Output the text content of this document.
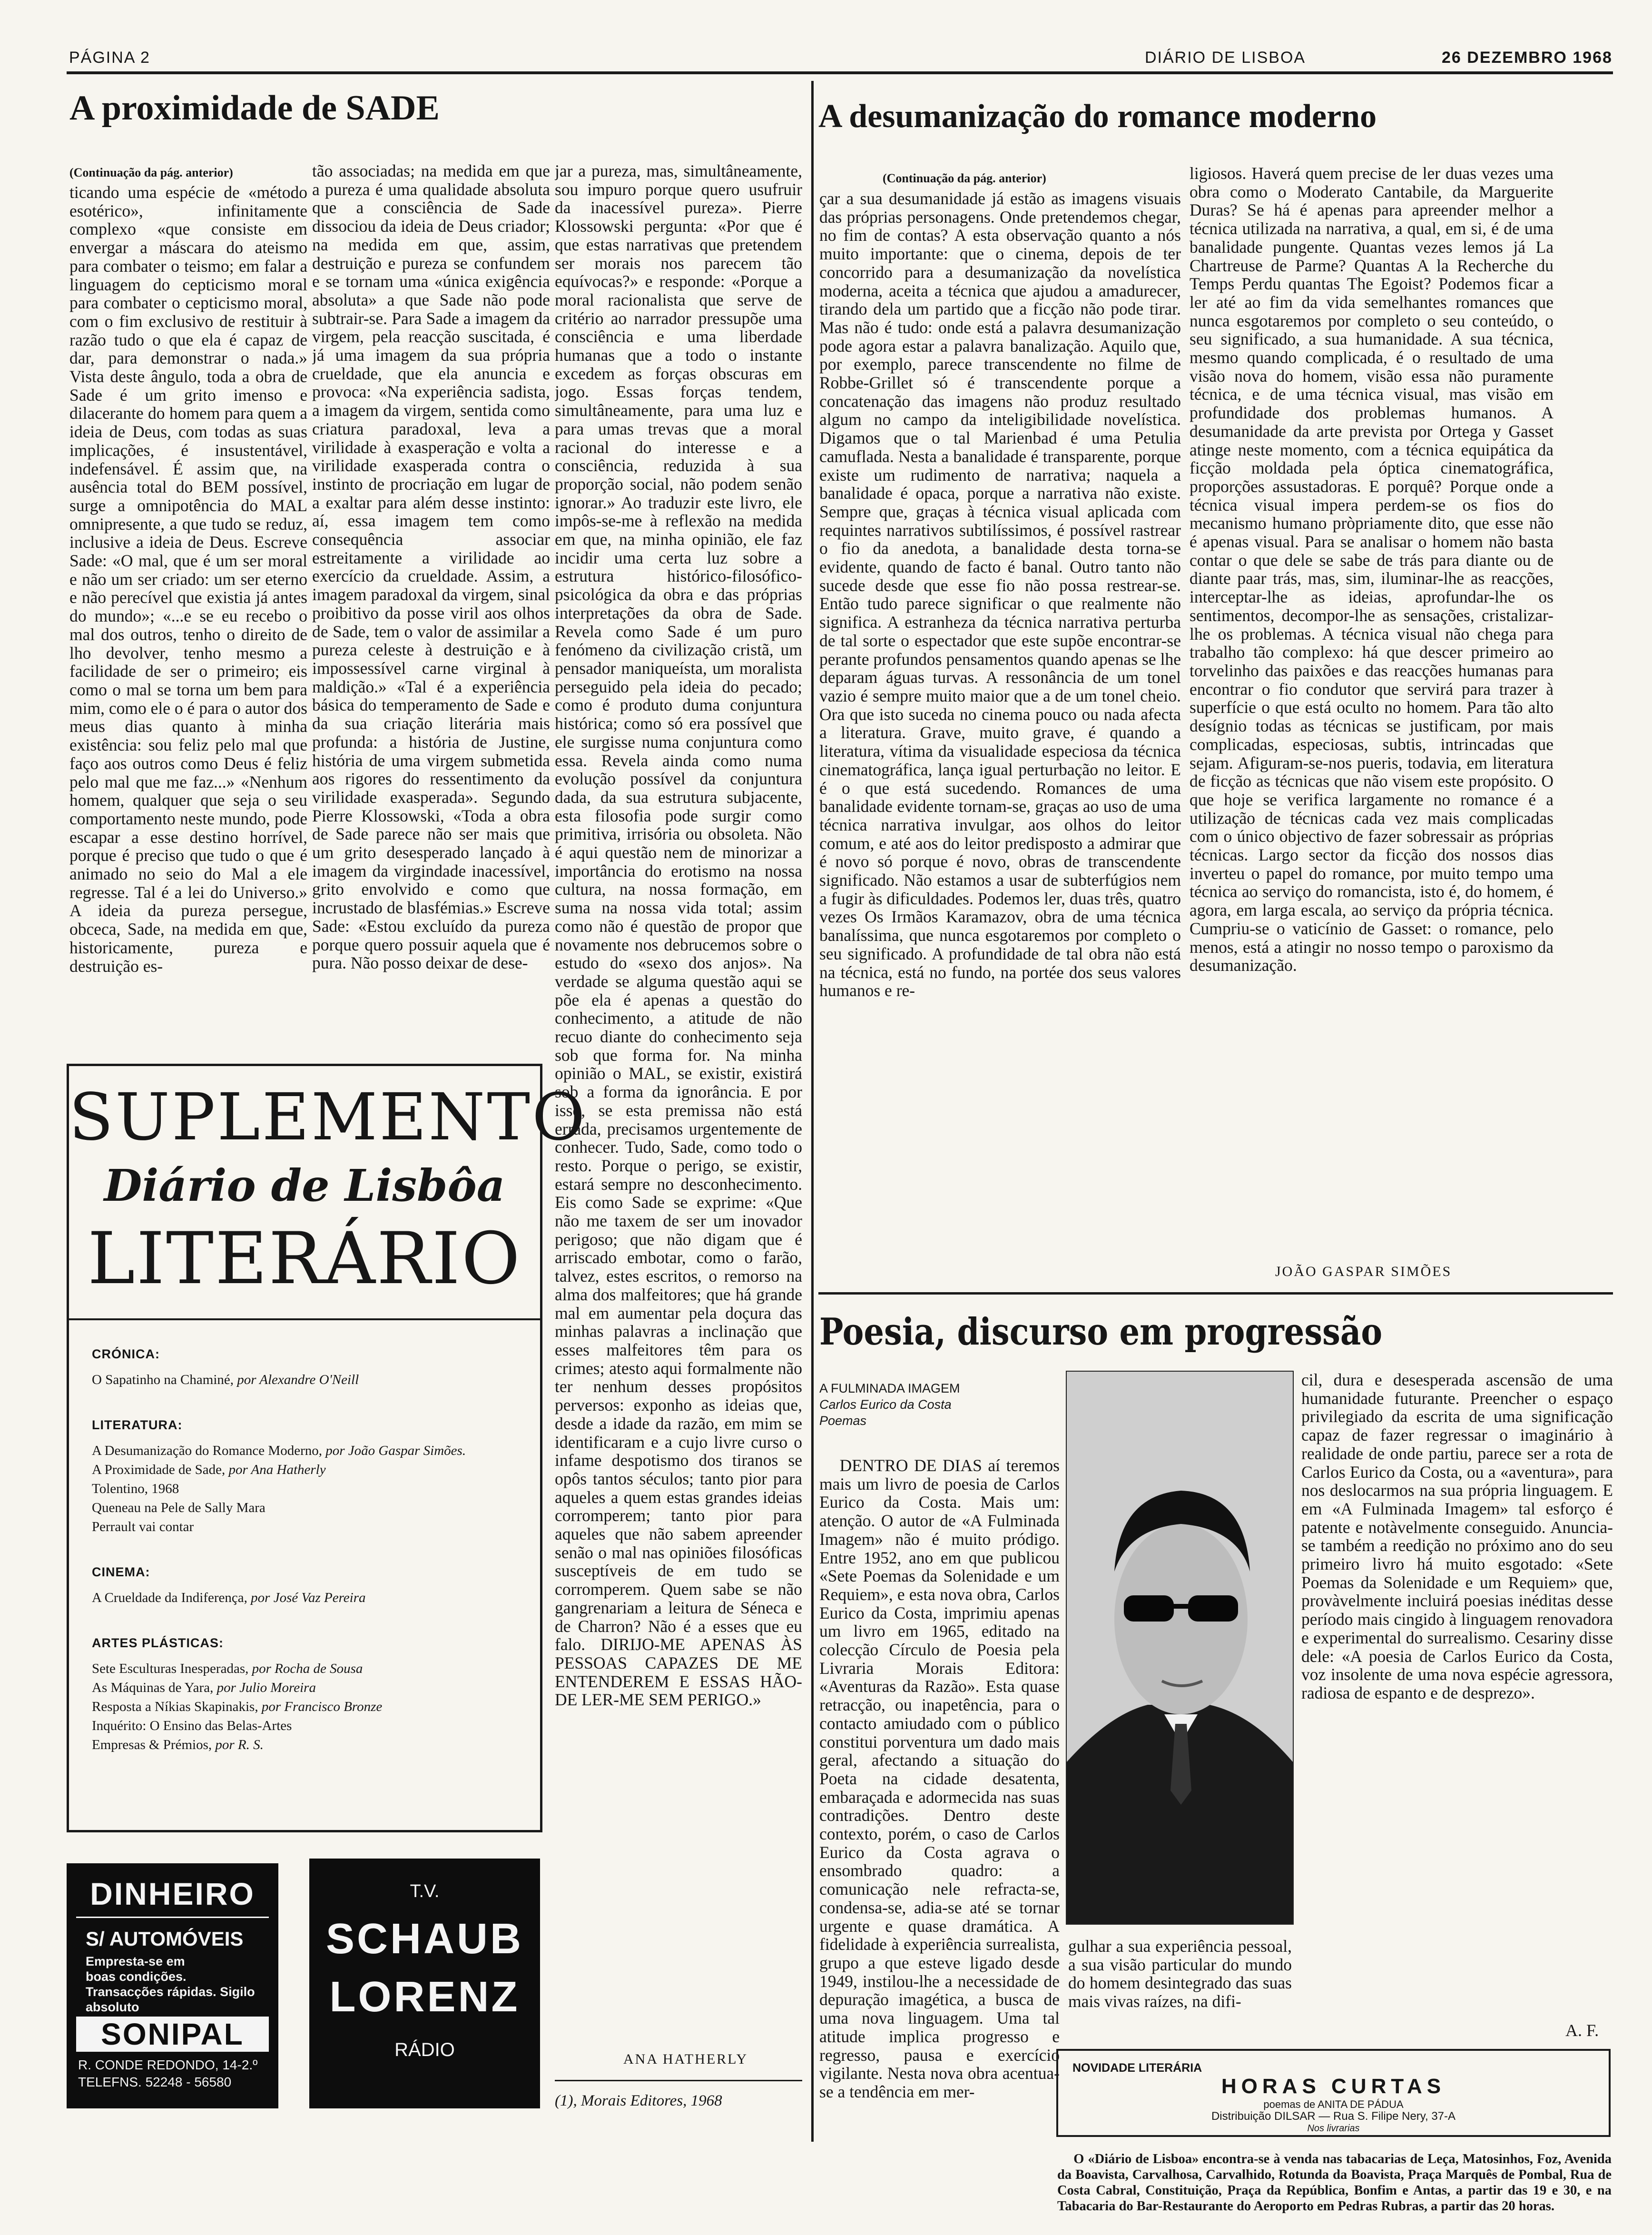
PÁGINA 2	DIÁRIO DE LISBOA	26 DEZEMBRO 1968
A proximidade de SADE
(Continuação da pág. anterior)

ticando uma espécie de «método esotérico», infinitamente complexo «que consiste em envergar a máscara do ateismo para combater o teismo; em falar a linguagem do cepticismo moral para combater o cepticismo moral, com o fim exclusivo de restituir à razão tudo o que ela é capaz de dar, para demonstrar o nada.» Vista deste ângulo, toda a obra de Sade é um grito imenso e dilacerante do homem para quem a ideia de Deus, com todas as suas implicações, é insustentável, indefensável. É assim que, na ausência total do BEM possível, surge a omnipotência do MAL omnipresente, a que tudo se reduz, inclusive a ideia de Deus. Escreve Sade: «O mal, que é um ser moral e não um ser criado: um ser eterno e não perecível que existia já antes do mundo»; «...e se eu recebo o mal dos outros, tenho o direito de lho devolver, tenho mesmo a facilidade de ser o primeiro; eis como o mal se torna um bem para mim, como ele o é para o autor dos meus dias quanto à minha existência: sou feliz pelo mal que faço aos outros como Deus é feliz pelo mal que me faz...» «Nenhum homem, qualquer que seja o seu comportamento neste mundo, pode escapar a esse destino horrível, porque é preciso que tudo o que é animado no seio do Mal a ele regresse. Tal é a lei do Universo.» A ideia da pureza persegue, obceca, Sade, na medida em que, historicamente, pureza e destruição es-

tão associadas; na medida em que a pureza é uma qualidade absoluta que a consciência de Sade dissociou da ideia de Deus criador; na medida em que, assim, destruição e pureza se confundem e se tornam uma «única exigência absoluta» a que Sade não pode subtrair-se. Para Sade a imagem da virgem, pela reacção suscitada, é já uma imagem da sua própria crueldade, que ela anuncia e provoca: «Na experiência sadista, a imagem da virgem, sentida como criatura paradoxal, leva a virilidade à exasperação e volta a virilidade exasperada contra o instinto de procriação em lugar de a exaltar para além desse instinto: aí, essa imagem tem como consequência associar estreitamente a virilidade ao exercício da crueldade. Assim, a imagem paradoxal da virgem, sinal proibitivo da posse viril aos olhos de Sade, tem o valor de assimilar a pureza celeste à destruição e à impossessível carne virginal à maldição.» «Tal é a experiência básica do temperamento de Sade e da sua criação literária mais profunda: a história de Justine, história de uma virgem submetida aos rigores do ressentimento da virilidade exasperada». Segundo Pierre Klossowski, «Toda a obra de Sade parece não ser mais que um grito desesperado lançado à imagem da virgindade inacessível, grito envolvido e como que incrustado de blasfémias.» Escreve Sade: «Estou excluído da pureza porque quero possuir aquela que é pura. Não posso deixar de dese-

jar a pureza, mas, simultâneamente, sou impuro porque quero usufruir da inacessível pureza». Pierre Klossowski pergunta: «Por que é que estas narrativas que pretendem ser morais nos parecem tão equívocas?» e responde: «Porque a moral racionalista que serve de critério ao narrador pressupõe uma consciência e uma liberdade humanas que a todo o instante excedem as forças obscuras em jogo. Essas forças tendem, simultâneamente, para uma luz e para umas trevas que a moral racional do interesse e a consciência, reduzida à sua proporção social, não podem senão ignorar.» Ao traduzir este livro, ele impôs-se-me à reflexão na medida em que, na minha opinião, ele faz incidir uma certa luz sobre a estrutura histórico-filosófico-psicológica da obra e das próprias interpretações da obra de Sade. Revela como Sade é um puro fenómeno da civilização cristã, um pensador maniqueísta, um moralista perseguido pela ideia do pecado; como é produto duma conjuntura histórica; como só era possível que ele surgisse numa conjuntura como essa. Revela ainda como numa evolução possível da conjuntura dada, da sua estrutura subjacente, esta filosofia pode surgir como primitiva, irrisória ou obsoleta. Não é aqui questão nem de minorizar a importância do erotismo na nossa cultura, na nossa formação, em suma na nossa vida total; assim como não é questão de propor que novamente nos debrucemos sobre o estudo do «sexo dos anjos». Na verdade se alguma questão aqui se põe ela é apenas a questão do conhecimento, a atitude de não recuo diante do conhecimento seja sob que forma for. Na minha opinião o MAL, se existir, existirá sob a forma da ignorância. E por isso, se esta premissa não está errada, precisamos urgentemente de conhecer. Tudo, Sade, como todo o resto. Porque o perigo, se existir, estará sempre no desconhecimento. Eis como Sade se exprime: «Que não me taxem de ser um inovador perigoso; que não digam que é arriscado embotar, como o farão, talvez, estes escritos, o remorso na alma dos malfeitores; que há grande mal em aumentar pela doçura das minhas palavras a inclinação que esses malfeitores têm para os crimes; atesto aqui formalmente não ter nenhum desses propósitos perversos: exponho as ideias que, desde a idade da razão, em mim se identificaram e a cujo livre curso o infame despotismo dos tiranos se opôs tantos séculos; tanto pior para aqueles a quem estas grandes ideias corromperem; tanto pior para aqueles que não sabem apreender senão o mal nas opiniões filosóficas susceptíveis de em tudo se corromperem. Quem sabe se não gangrenariam a leitura de Séneca e de Charron? Não é a esses que eu falo. DIRIJO-ME APENAS ÀS PESSOAS CAPAZES DE ME ENTENDEREM E ESSAS HÃO-DE LER-ME SEM PERIGO.»

ANA HATHERLY
(1), Morais Editores, 1968
SUPLEMENTO
Diário de Lisbôa
LITERÁRIO
CRÓNICA:
O Sapatinho na Chaminé, por Alexandre O'Neill
LITERATURA:
A Desumanização do Romance Moderno, por João Gaspar Simões.
A Proximidade de Sade, por Ana Hatherly
Tolentino, 1968
Queneau na Pele de Sally Mara
Perrault vai contar
CINEMA:
A Crueldade da Indiferença, por José Vaz Pereira
ARTES PLÁSTICAS:
Sete Esculturas Inesperadas, por Rocha de Sousa
As Máquinas de Yara, por Julio Moreira
Resposta a Níkias Skapinakis, por Francisco Bronze
Inquérito: O Ensino das Belas-Artes
Empresas & Prémios, por R. S.
DINHEIRO
S/ AUTOMÓVEIS
Empresta-se em
boas condições. Transacções rápidas. Sigilo absoluto
SONIPAL
R. CONDE REDONDO, 14-2.º
TELEFNS. 52248 - 56580
T.V.
SCHAUB
LORENZ
RÁDIO
A desumanização do romance moderno
(Continuação da pág. anterior)

çar a sua desumanidade já estão as imagens visuais das próprias personagens. Onde pretendemos chegar, no fim de contas? A esta observação quanto a nós muito importante: que o cinema, depois de ter concorrido para a desumanização da novelística moderna, aceita a técnica que ajudou a amadurecer, tirando dela um partido que a ficção não pode tirar. Mas não é tudo: onde está a palavra desumanização pode agora estar a palavra banalização. Aquilo que, por exemplo, parece transcendente no filme de Robbe-Grillet só é transcendente porque a concatenação das imagens não produz resultado algum no campo da inteligibilidade novelística. Digamos que o tal Marienbad é uma Petulia camuflada. Nesta a banalidade é transparente, porque existe um rudimento de narrativa; naquela a banalidade é opaca, porque a narrativa não existe. Sempre que, graças à técnica visual aplicada com requintes narrativos subtilíssimos, é possível rastrear o fio da anedota, a banalidade desta torna-se evidente, quando de facto é banal. Outro tanto não sucede desde que esse fio não possa restrear-se. Então tudo parece significar o que realmente não significa. A estranheza da técnica narrativa perturba de tal sorte o espectador que este supõe encontrar-se perante profundos pensamentos quando apenas se lhe deparam águas turvas. A ressonância de um tonel vazio é sempre muito maior que a de um tonel cheio. Ora que isto suceda no cinema pouco ou nada afecta a literatura. Grave, muito grave, é quando a literatura, vítima da visualidade especiosa da técnica cinematográfica, lança igual perturbação no leitor. E é o que está sucedendo. Romances de uma banalidade evidente tornam-se, graças ao uso de uma técnica narrativa invulgar, aos olhos do leitor comum, e até aos do leitor predisposto a admirar que é novo só porque é novo, obras de transcendente significado. Não estamos a usar de subterfúgios nem a fugir às dificuldades. Podemos ler, duas três, quatro vezes Os Irmãos Karamazov, obra de uma técnica banalíssima, que nunca esgotaremos por completo o seu significado. A profundidade de tal obra não está na técnica, está no fundo, na portée dos seus valores humanos e re-

ligiosos. Haverá quem precise de ler duas vezes uma obra como o Moderato Cantabile, da Marguerite Duras? Se há é apenas para apreender melhor a técnica utilizada na narrativa, a qual, em si, é de uma banalidade pungente. Quantas vezes lemos já La Chartreuse de Parme? Quantas A la Recherche du Temps Perdu quantas The Egoist? Podemos ficar a ler até ao fim da vida semelhantes romances que nunca esgotaremos por completo o seu conteúdo, o seu significado, a sua humanidade. A sua técnica, mesmo quando complicada, é o resultado de uma visão nova do homem, visão essa não puramente técnica, e de uma técnica visual, mas visão em profundidade dos problemas humanos. A desumanidade da arte prevista por Ortega y Gasset atinge neste momento, com a técnica equipática da ficção moldada pela óptica cinematográfica, proporções assustadoras. E porquê? Porque onde a técnica visual impera perdem-se os fios do mecanismo humano pròpriamente dito, que esse não é apenas visual. Para se analisar o homem não basta contar o que dele se sabe de trás para diante ou de diante paar trás, mas, sim, iluminar-lhe as reacções, interceptar-lhe as ideias, aprofundar-lhe os sentimentos, decompor-lhe as sensações, cristalizar-lhe os problemas. A técnica visual não chega para trabalho tão complexo: há que descer primeiro ao torvelinho das paixões e das reacções humanas para encontrar o fio condutor que servirá para trazer à superfície o que está oculto no homem. Para tão alto desígnio todas as técnicas se justificam, por mais complicadas, especiosas, subtis, intrincadas que sejam. Afiguram-se-nos pueris, todavia, em literatura de ficção as técnicas que não visem este propósito. O que hoje se verifica largamente no romance é a utilização de técnicas cada vez mais complicadas com o único objectivo de fazer sobressair as próprias técnicas. Largo sector da ficção dos nossos dias inverteu o papel do romance, por muito tempo uma técnica ao serviço do romancista, isto é, do homem, é agora, em larga escala, ao serviço da própria técnica. Cumpriu-se o vaticínio de Gasset: o romance, pelo menos, está a atingir no nosso tempo o paroxismo da desumanização.

JOÃO GASPAR SIMÕES
Poesia, discurso em progressão
A FULMINADA IMAGEM
Carlos Eurico da Costa
Poemas

DENTRO DE DIAS aí teremos mais um livro de poesia de Carlos Eurico da Costa. Mais um: atenção. O autor de «A Fulminada Imagem» não é muito pródigo. Entre 1952, ano em que publicou «Sete Poemas da Solenidade e um Requiem», e esta nova obra, Carlos Eurico da Costa, imprimiu apenas um livro em 1965, editado na colecção Círculo de Poesia pela Livraria Morais Editora: «Aventuras da Razão». Esta quase retracção, ou inapetência, para o contacto amiudado com o público constitui porventura um dado mais geral, afectando a situação do Poeta na cidade desatenta, embaraçada e adormecida nas suas contradições. Dentro deste contexto, porém, o caso de Carlos Eurico da Costa agrava o ensombrado quadro: a comunicação nele refracta-se, condensa-se, adia-se até se tornar urgente e quase dramática. A fidelidade à experiência surrealista, grupo a que esteve ligado desde 1949, instilou-lhe a necessidade de depuração imagética, a busca de uma nova linguagem. Uma tal atitude implica progresso e regresso, pausa e exercício vigilante. Nesta nova obra acentua-se a tendência em mer-

gulhar a sua experiência pessoal, a sua visão particular do mundo do homem desintegrado das suas mais vivas raízes, na difi-

cil, dura e desesperada ascensão de uma humanidade futurante. Preencher o espaço privilegiado da escrita de uma significação capaz de fazer regressar o imaginário à realidade de onde partiu, parece ser a rota de Carlos Eurico da Costa, ou a «aventura», para nos deslocarmos na sua própria linguagem. E em «A Fulminada Imagem» tal esforço é patente e notàvelmente conseguido. Anuncia-se também a reedição no próximo ano do seu primeiro livro há muito esgotado: «Sete Poemas da Solenidade e um Requiem» que, provàvelmente incluirá poesias inéditas desse período mais cingido à linguagem renovadora e experimental do surrealismo. Cesariny disse dele: «A poesia de Carlos Eurico da Costa, voz insolente de uma nova espécie agressora, radiosa de espanto e de desprezo».

A. F.
NOVIDADE LITERÁRIA
HORAS CURTAS
poemas de ANITA DE PÁDUA
Distribuição DILSAR — Rua S. Filipe Nery, 37-A
Nos livrarias
O «Diário de Lisboa» encontra-se à venda nas tabacarias de Leça, Matosinhos, Foz, Avenida da Boavista, Carvalhosa, Carvalhido, Rotunda da Boavista, Praça Marquês de Pombal, Rua de Costa Cabral, Constituição, Praça da República, Bonfim e Antas, a partir das 19 e 30, e na Tabacaria do Bar-Restaurante do Aeroporto em Pedras Rubras, a partir das 20 horas.
